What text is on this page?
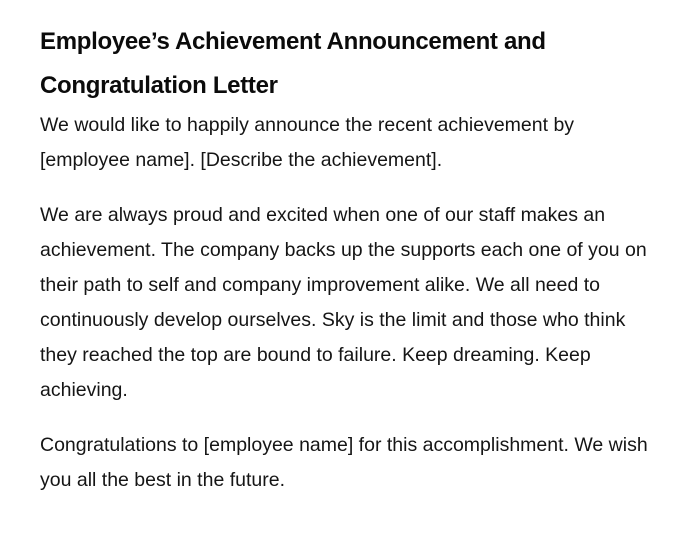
Employee’s Achievement Announcement and Congratulation Letter

We would like to happily announce the recent achievement by [employee name]. [Describe the achievement].

We are always proud and excited when one of our staff makes an achievement. The company backs up the supports each one of you on their path to self and company improvement alike. We all need to continuously develop ourselves. Sky is the limit and those who think they reached the top are bound to failure. Keep dreaming. Keep achieving.

Congratulations to [employee name] for this accomplishment. We wish you all the best in the future.
